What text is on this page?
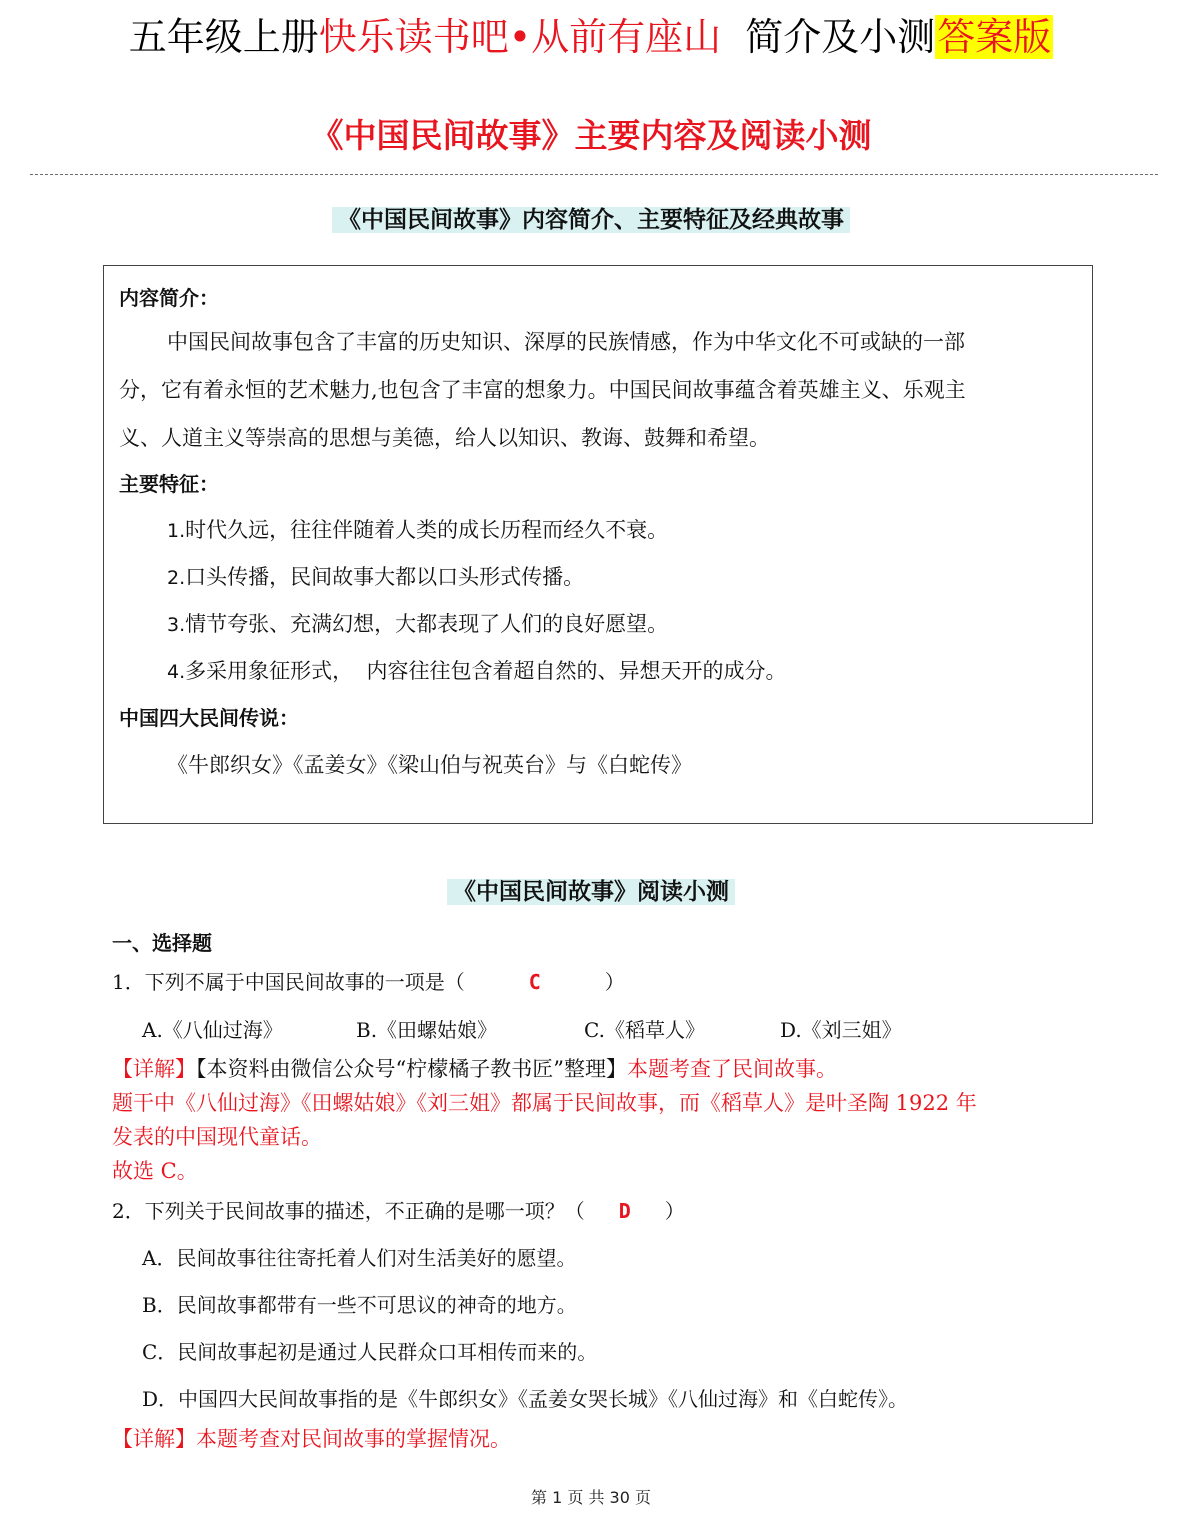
五年级上册快乐读书吧•从前有座山  简介及小测答案版
《中国民间故事》主要内容及阅读小测
《中国民间故事》内容简介、主要特征及经典故事
内容简介：
中国民间故事包含了丰富的历史知识、深厚的民族情感，作为中华文化不可或缺的一部
分，它有着永恒的艺术魅力,也包含了丰富的想象力。中国民间故事蕴含着英雄主义、乐观主
义、人道主义等崇高的思想与美德，给人以知识、教诲、鼓舞和希望。
主要特征：
1.时代久远，往往伴随着人类的成长历程而经久不衰。
2.口头传播，民间故事大都以口头形式传播。
3.情节夸张、充满幻想，大都表现了人们的良好愿望。
4.多采用象征形式，  内容往往包含着超自然的、异想天开的成分。
中国四大民间传说：
《牛郎织女》《孟姜女》《梁山伯与祝英台》与《白蛇传》
《中国民间故事》阅读小测
一、选择题
1．下列不属于中国民间故事的一项是（	C	）
A.《八仙过海》	B.《田螺姑娘》	C.《稻草人》	D.《刘三姐》
【详解】【本资料由微信公众号“柠檬橘子教书匠”整理】本题考查了民间故事。
题干中《八仙过海》《田螺姑娘》《刘三姐》都属于民间故事，而《稻草人》是叶圣陶 1922 年
发表的中国现代童话。
故选 C。
2．下列关于民间故事的描述，不正确的是哪一项？（ D ）
A．民间故事往往寄托着人们对生活美好的愿望。
B．民间故事都带有一些不可思议的神奇的地方。
C．民间故事起初是通过人民群众口耳相传而来的。
D．中国四大民间故事指的是《牛郎织女》《孟姜女哭长城》《八仙过海》和《白蛇传》。
【详解】本题考查对民间故事的掌握情况。
第 1 页 共 30 页
